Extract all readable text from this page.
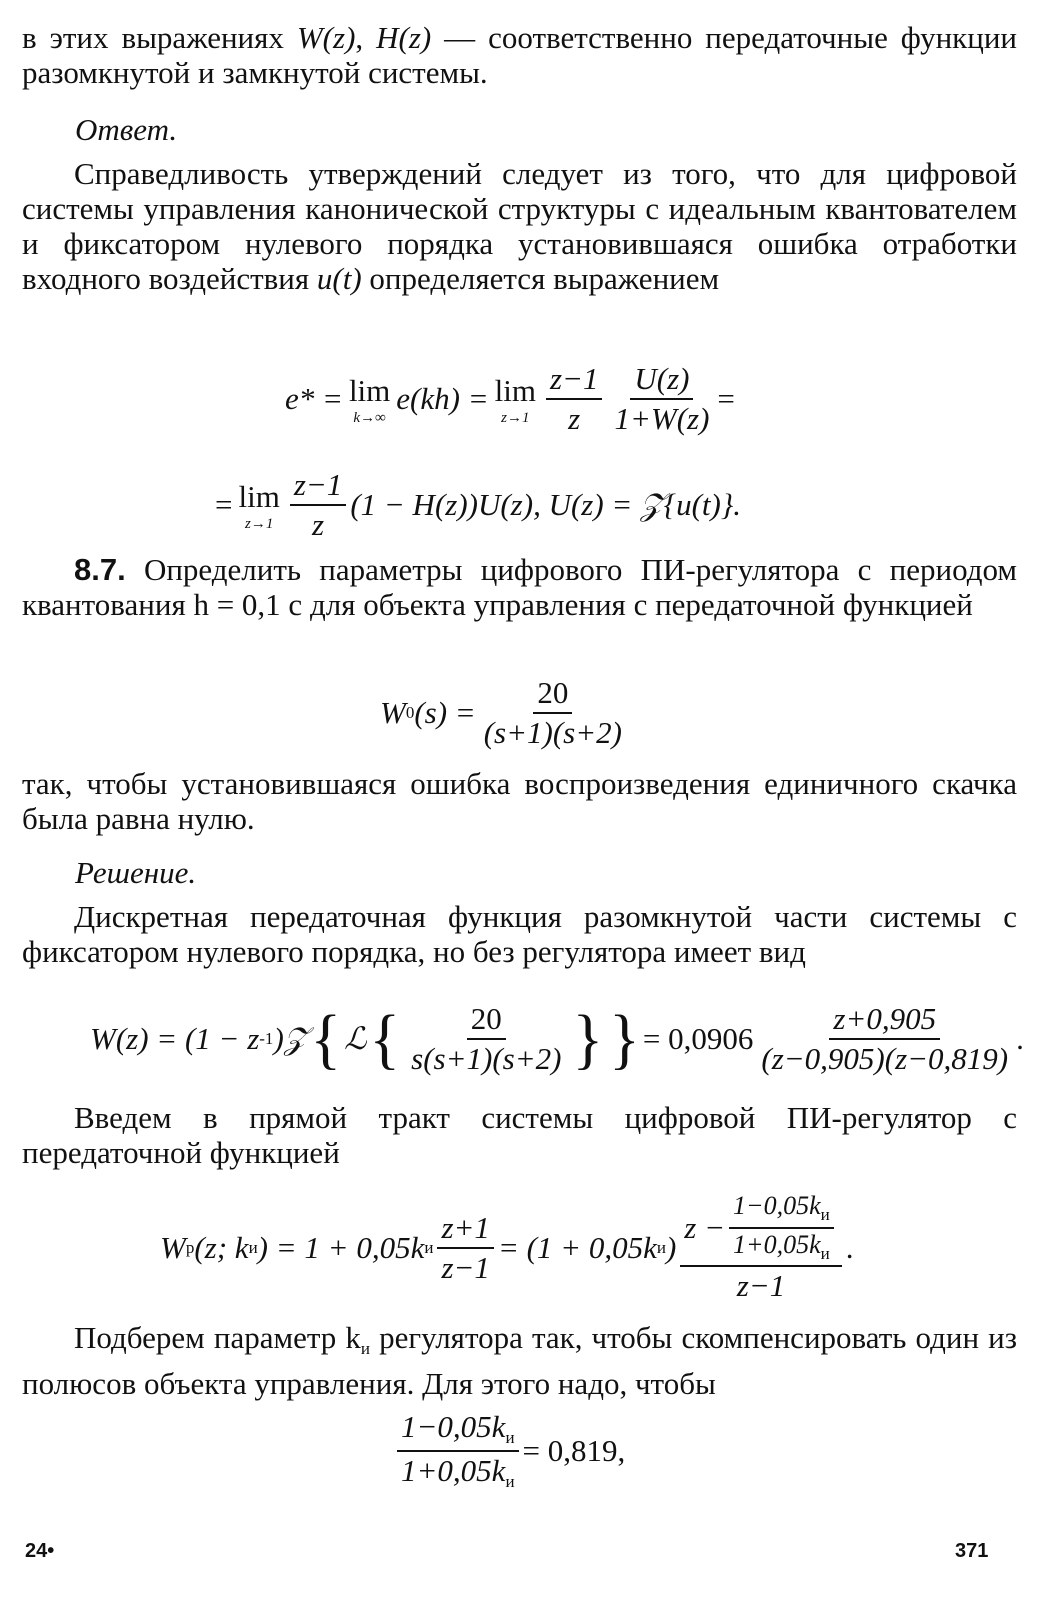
в этих выражениях W(z), H(z) — соответственно передаточные функции разомкнутой и замкнутой системы.

Ответ.

Справедливость утверждений следует из того, что для цифровой системы управления канонической структуры с идеальным квантователем и фиксатором нулевого порядка установившаяся ошибка отработки входного воздействия u(t) определяется выражением

e* = lim
k→∞
e(kh) = lim
$z\to 1 \frac{z-1}{z} \frac{U(z)}{1+W(z)}$ =
= lim
$z\to 1 \frac{z-1}{z} (1 - H(z))U(z)$, U(z) = 𝒵{u(t)}.

8.7. Определить параметры цифрового ПИ-регулятора с периодом квантования h = 0,1 с для объекта управления с передаточной функцией

W 0 $(s) = \frac{20}{(s+1)(s+2)}$

так, чтобы установившаяся ошибка воспроизведения единичного скачка была равна нулю.

Решение.

Дискретная передаточная функция разомкнутой части системы с фиксатором нулевого порядка, но без регулятора имеет вид

W(z) = (1 − z -1 )𝒵 { ℒ { $\frac{20}{s(s+1)(s+2)}$ } } = $0,0906 \frac{z+0,905}{(z-0,905)(z-0,819)}$ .

Введем в прямой тракт системы цифровой ПИ-регулятор с передаточной функцией

W р (z; k и ) = 1 + 0,05k и $\frac{z+1}{z-1} = (1 + 0,05k$ и ) $\frac{z - \frac{1-0,05k_и}{1+0,05k_и}}{z-1}$ .

Подберем параметр kи регулятора так, чтобы скомпенсировать один из полюсов объекта управления. Для этого надо, чтобы

$\frac{1-0,05kи}{1+0,05kи} = 0,819$,
24•	371
